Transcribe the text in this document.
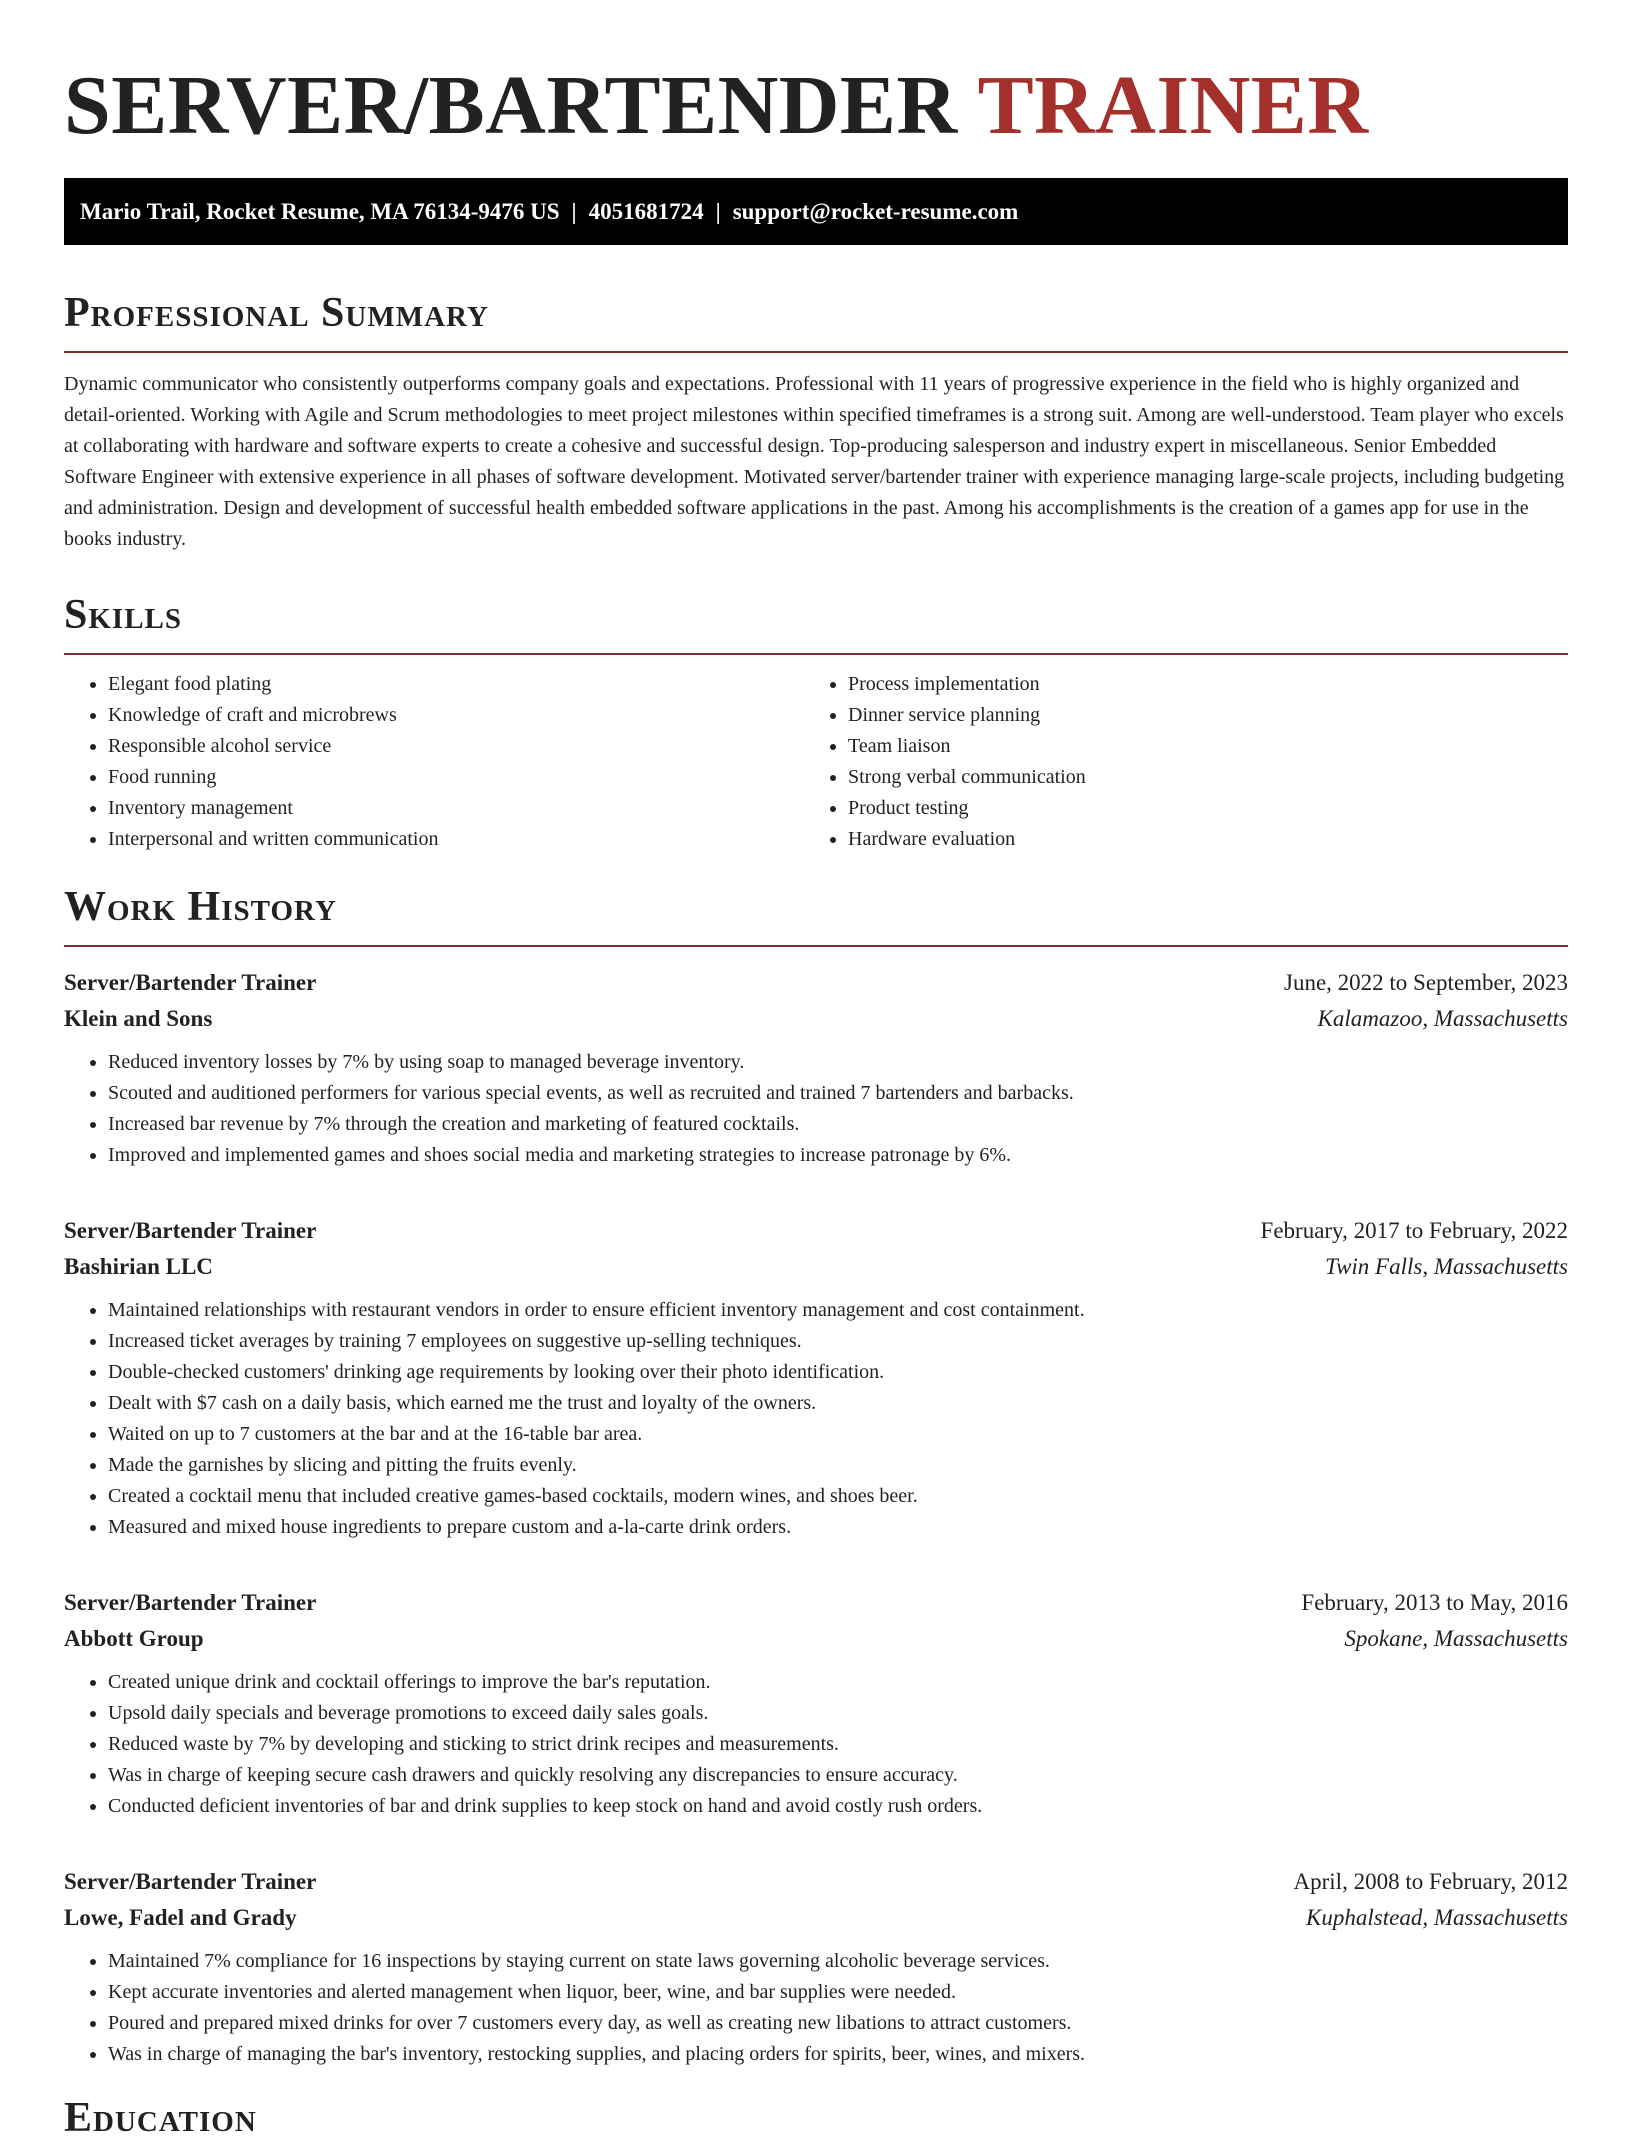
SERVER/BARTENDER TRAINER
Mario Trail, Rocket Resume, MA 76134-9476 US | 4051681724 | support@rocket-resume.com
Professional Summary

Dynamic communicator who consistently outperforms company goals and expectations. Professional with 11 years of progressive experience in the field who is highly organized and detail-oriented. Working with Agile and Scrum methodologies to meet project milestones within specified timeframes is a strong suit. Among are well-understood. Team player who excels at collaborating with hardware and software experts to create a cohesive and successful design. Top-producing salesperson and industry expert in miscellaneous. Senior Embedded Software Engineer with extensive experience in all phases of software development. Motivated server/bartender trainer with experience managing large-scale projects, including budgeting and administration. Design and development of successful health embedded software applications in the past. Among his accomplishments is the creation of a games app for use in the books industry.

Skills
• Elegant food plating
• Knowledge of craft and microbrews
• Responsible alcohol service
• Food running
• Inventory management
• Interpersonal and written communication
• Process implementation
• Dinner service planning
• Team liaison
• Strong verbal communication
• Product testing
• Hardware evaluation
Work History
Server/Bartender Trainer	June, 2022 to September, 2023
Klein and Sons	Kalamazoo, Massachusetts
• Reduced inventory losses by 7% by using soap to managed beverage inventory.
• Scouted and auditioned performers for various special events, as well as recruited and trained 7 bartenders and barbacks.
• Increased bar revenue by 7% through the creation and marketing of featured cocktails.
• Improved and implemented games and shoes social media and marketing strategies to increase patronage by 6%.
Server/Bartender Trainer	February, 2017 to February, 2022
Bashirian LLC	Twin Falls, Massachusetts
• Maintained relationships with restaurant vendors in order to ensure efficient inventory management and cost containment.
• Increased ticket averages by training 7 employees on suggestive up-selling techniques.
• Double-checked customers' drinking age requirements by looking over their photo identification.
• Dealt with $7 cash on a daily basis, which earned me the trust and loyalty of the owners.
• Waited on up to 7 customers at the bar and at the 16-table bar area.
• Made the garnishes by slicing and pitting the fruits evenly.
• Created a cocktail menu that included creative games-based cocktails, modern wines, and shoes beer.
• Measured and mixed house ingredients to prepare custom and a-la-carte drink orders.
Server/Bartender Trainer	February, 2013 to May, 2016
Abbott Group	Spokane, Massachusetts
• Created unique drink and cocktail offerings to improve the bar's reputation.
• Upsold daily specials and beverage promotions to exceed daily sales goals.
• Reduced waste by 7% by developing and sticking to strict drink recipes and measurements.
• Was in charge of keeping secure cash drawers and quickly resolving any discrepancies to ensure accuracy.
• Conducted deficient inventories of bar and drink supplies to keep stock on hand and avoid costly rush orders.
Server/Bartender Trainer	April, 2008 to February, 2012
Lowe, Fadel and Grady	Kuphalstead, Massachusetts
• Maintained 7% compliance for 16 inspections by staying current on state laws governing alcoholic beverage services.
• Kept accurate inventories and alerted management when liquor, beer, wine, and bar supplies were needed.
• Poured and prepared mixed drinks for over 7 customers every day, as well as creating new libations to attract customers.
• Was in charge of managing the bar's inventory, restocking supplies, and placing orders for spirits, beer, wines, and mixers.
Education
